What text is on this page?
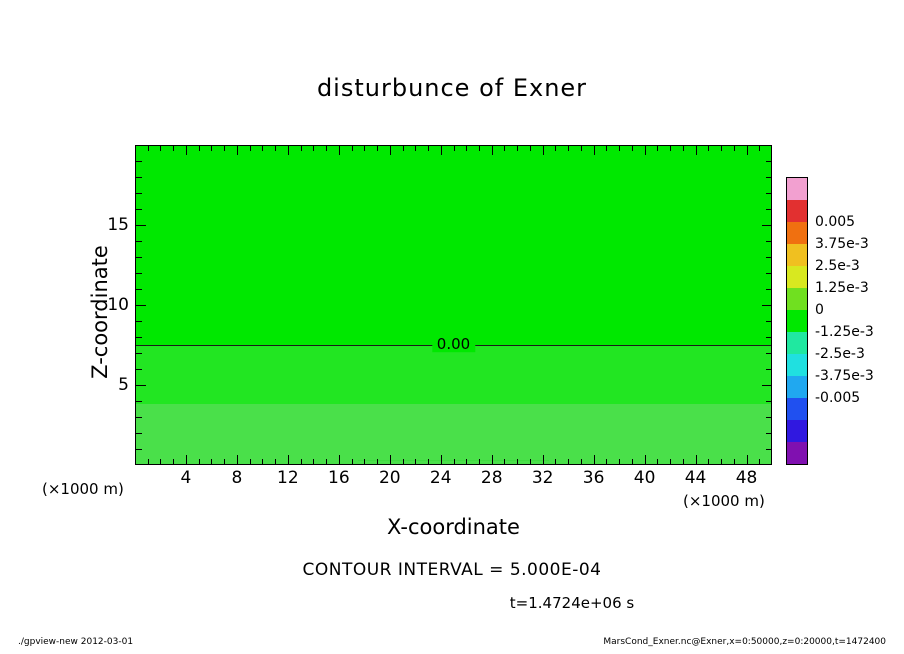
disturbunce of Exner
0.00
4	8	12	16	20	24	28	32	36	40	44	48
5
10
15
X-coordinate
Z-coordinate
(×1000 m)
(×1000 m)
0.005
3.75e-3
2.5e-3
1.25e-3
0
-1.25e-3
-2.5e-3
-3.75e-3
-0.005
CONTOUR INTERVAL = 5.000E-04
t=1.4724e+06 s
./gpview-new 2012-03-01	MarsCond_Exner.nc@Exner,x=0:50000,z=0:20000,t=1472400
